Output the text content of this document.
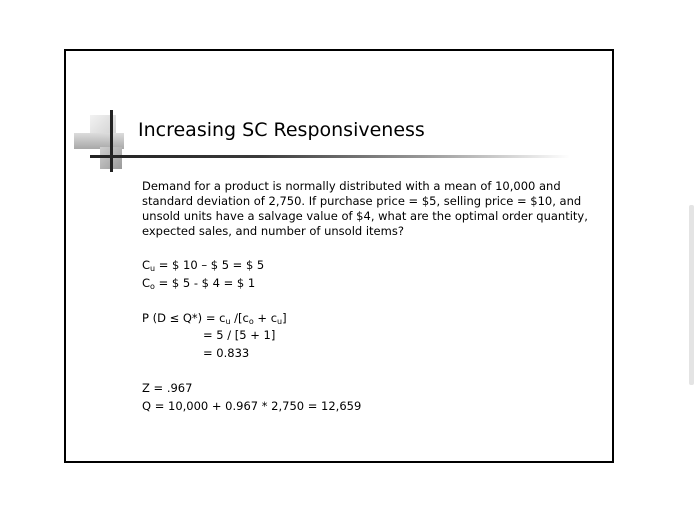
Increasing SC Responsiveness
Demand for a product is normally distributed with a mean of 10,000 and standard deviation of 2,750. If purchase price = $5, selling price = $10, and unsold units have a salvage value of $4, what are the optimal order quantity, expected sales, and number of unsold items?
$C_u$ = $ 10 – $ 5 = $ 5
$C_o$ = $ 5 - $ 4 = $ 1
P $(D \le Q*) = c_u$ $/[c_o + c_u]$
= 5 / [5 + 1]
= 0.833
Z = .967
Q = 10,000 + 0.967 * 2,750 = 12,659
